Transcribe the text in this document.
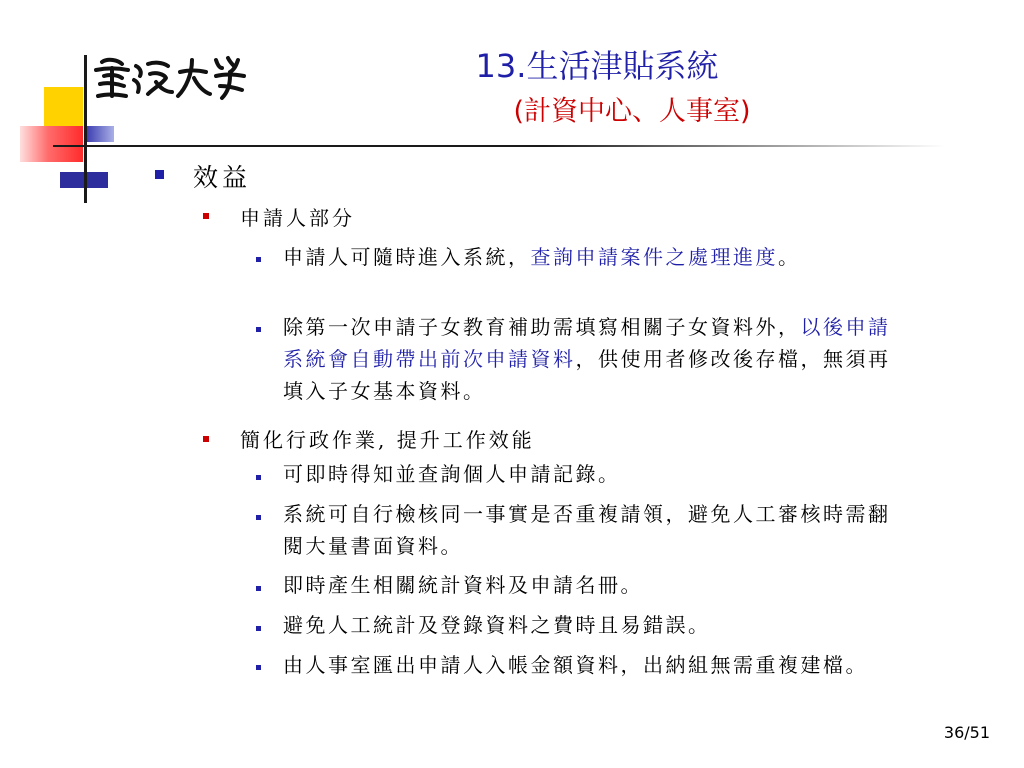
13.生活津貼系統
(計資中心、人事室)
效益
申請人部分
申請人可隨時進入系統，查詢申請案件之處理進度。
除第一次申請子女教育補助需填寫相關子女資料外，以後申請系統會自動帶出前次申請資料，供使用者修改後存檔，無須再填入子女基本資料。
簡化行政作業, 提升工作效能
可即時得知並查詢個人申請記錄。
系統可自行檢核同一事實是否重複請領，避免人工審核時需翻閱大量書面資料。
即時產生相關統計資料及申請名冊。
避免人工統計及登錄資料之費時且易錯誤。
由人事室匯出申請人入帳金額資料，出納組無需重複建檔。
36/51
